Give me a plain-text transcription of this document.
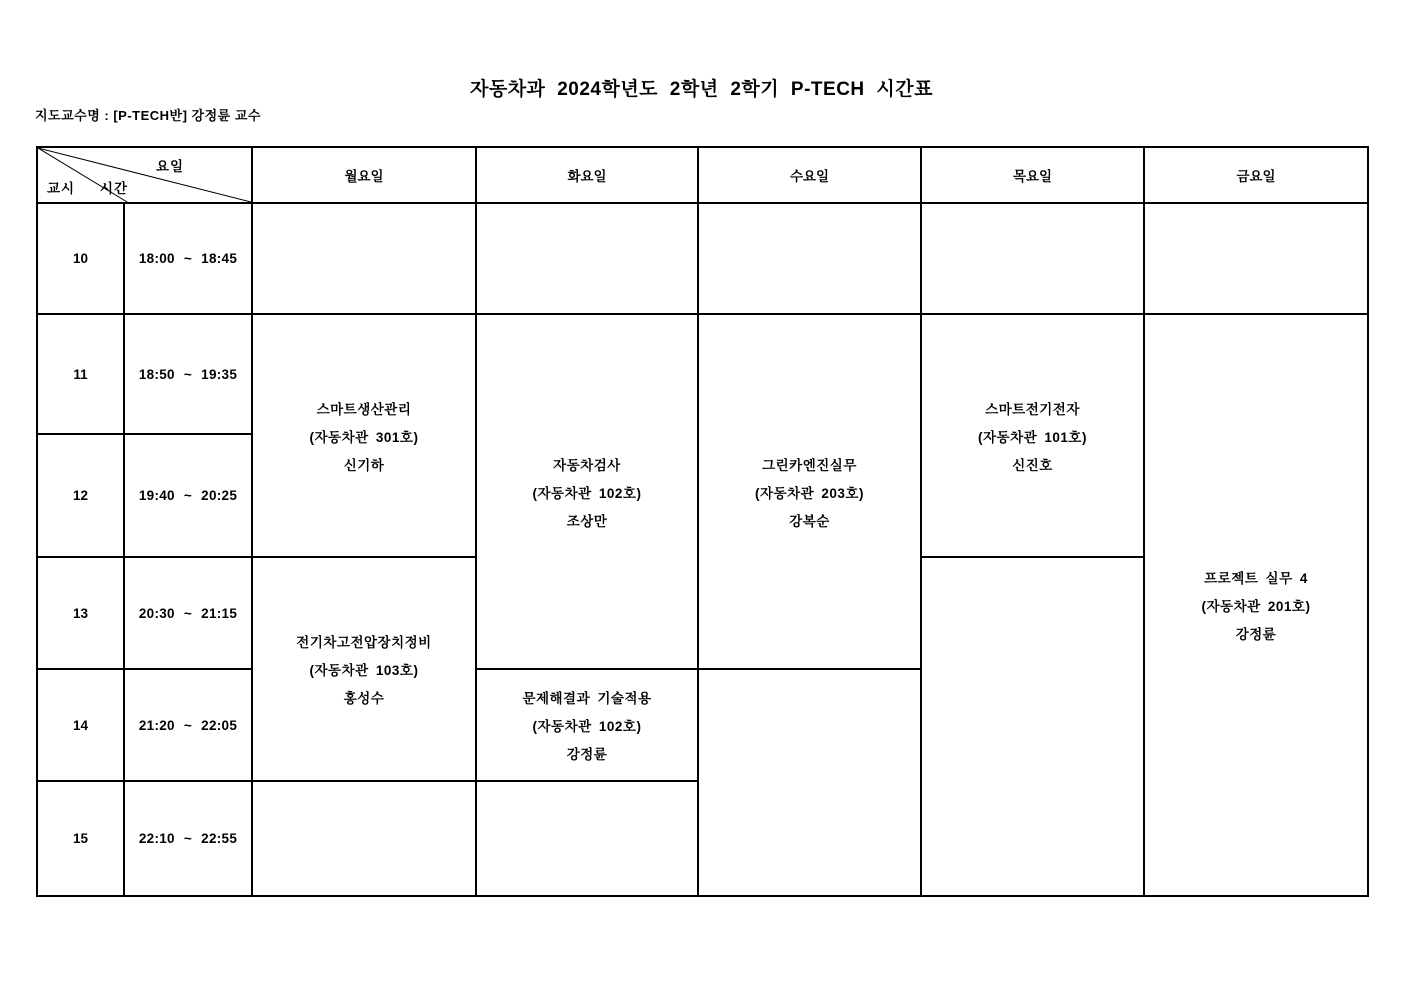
자동차과 2024학년도 2학년 2학기 P-TECH 시간표
지도교수명 : [P-TECH반] 강정륜 교수
요일
교시 시간		월요일	화요일	수요일	목요일	금요일
10	18:00 ~ 18:45					
11	18:50 ~ 19:35	스마트생산관리
(자동차관 301호)
신기하	자동차검사
(자동차관 102호)
조상만	그린카엔진실무
(자동차관 203호)
강복순	스마트전기전자
(자동차관 101호)
신진호	프로젝트 실무 4
(자동차관 201호)
강정륜

12	19:40 ~ 20:25					
13	20:30 ~ 21:15	전기차고전압장치정비
(자동차관 103호)
홍성수				

14	21:20 ~ 22:05		문제해결과 기술적용
(자동차관 102호)
강정륜			

15	22:10 ~ 22:55					
